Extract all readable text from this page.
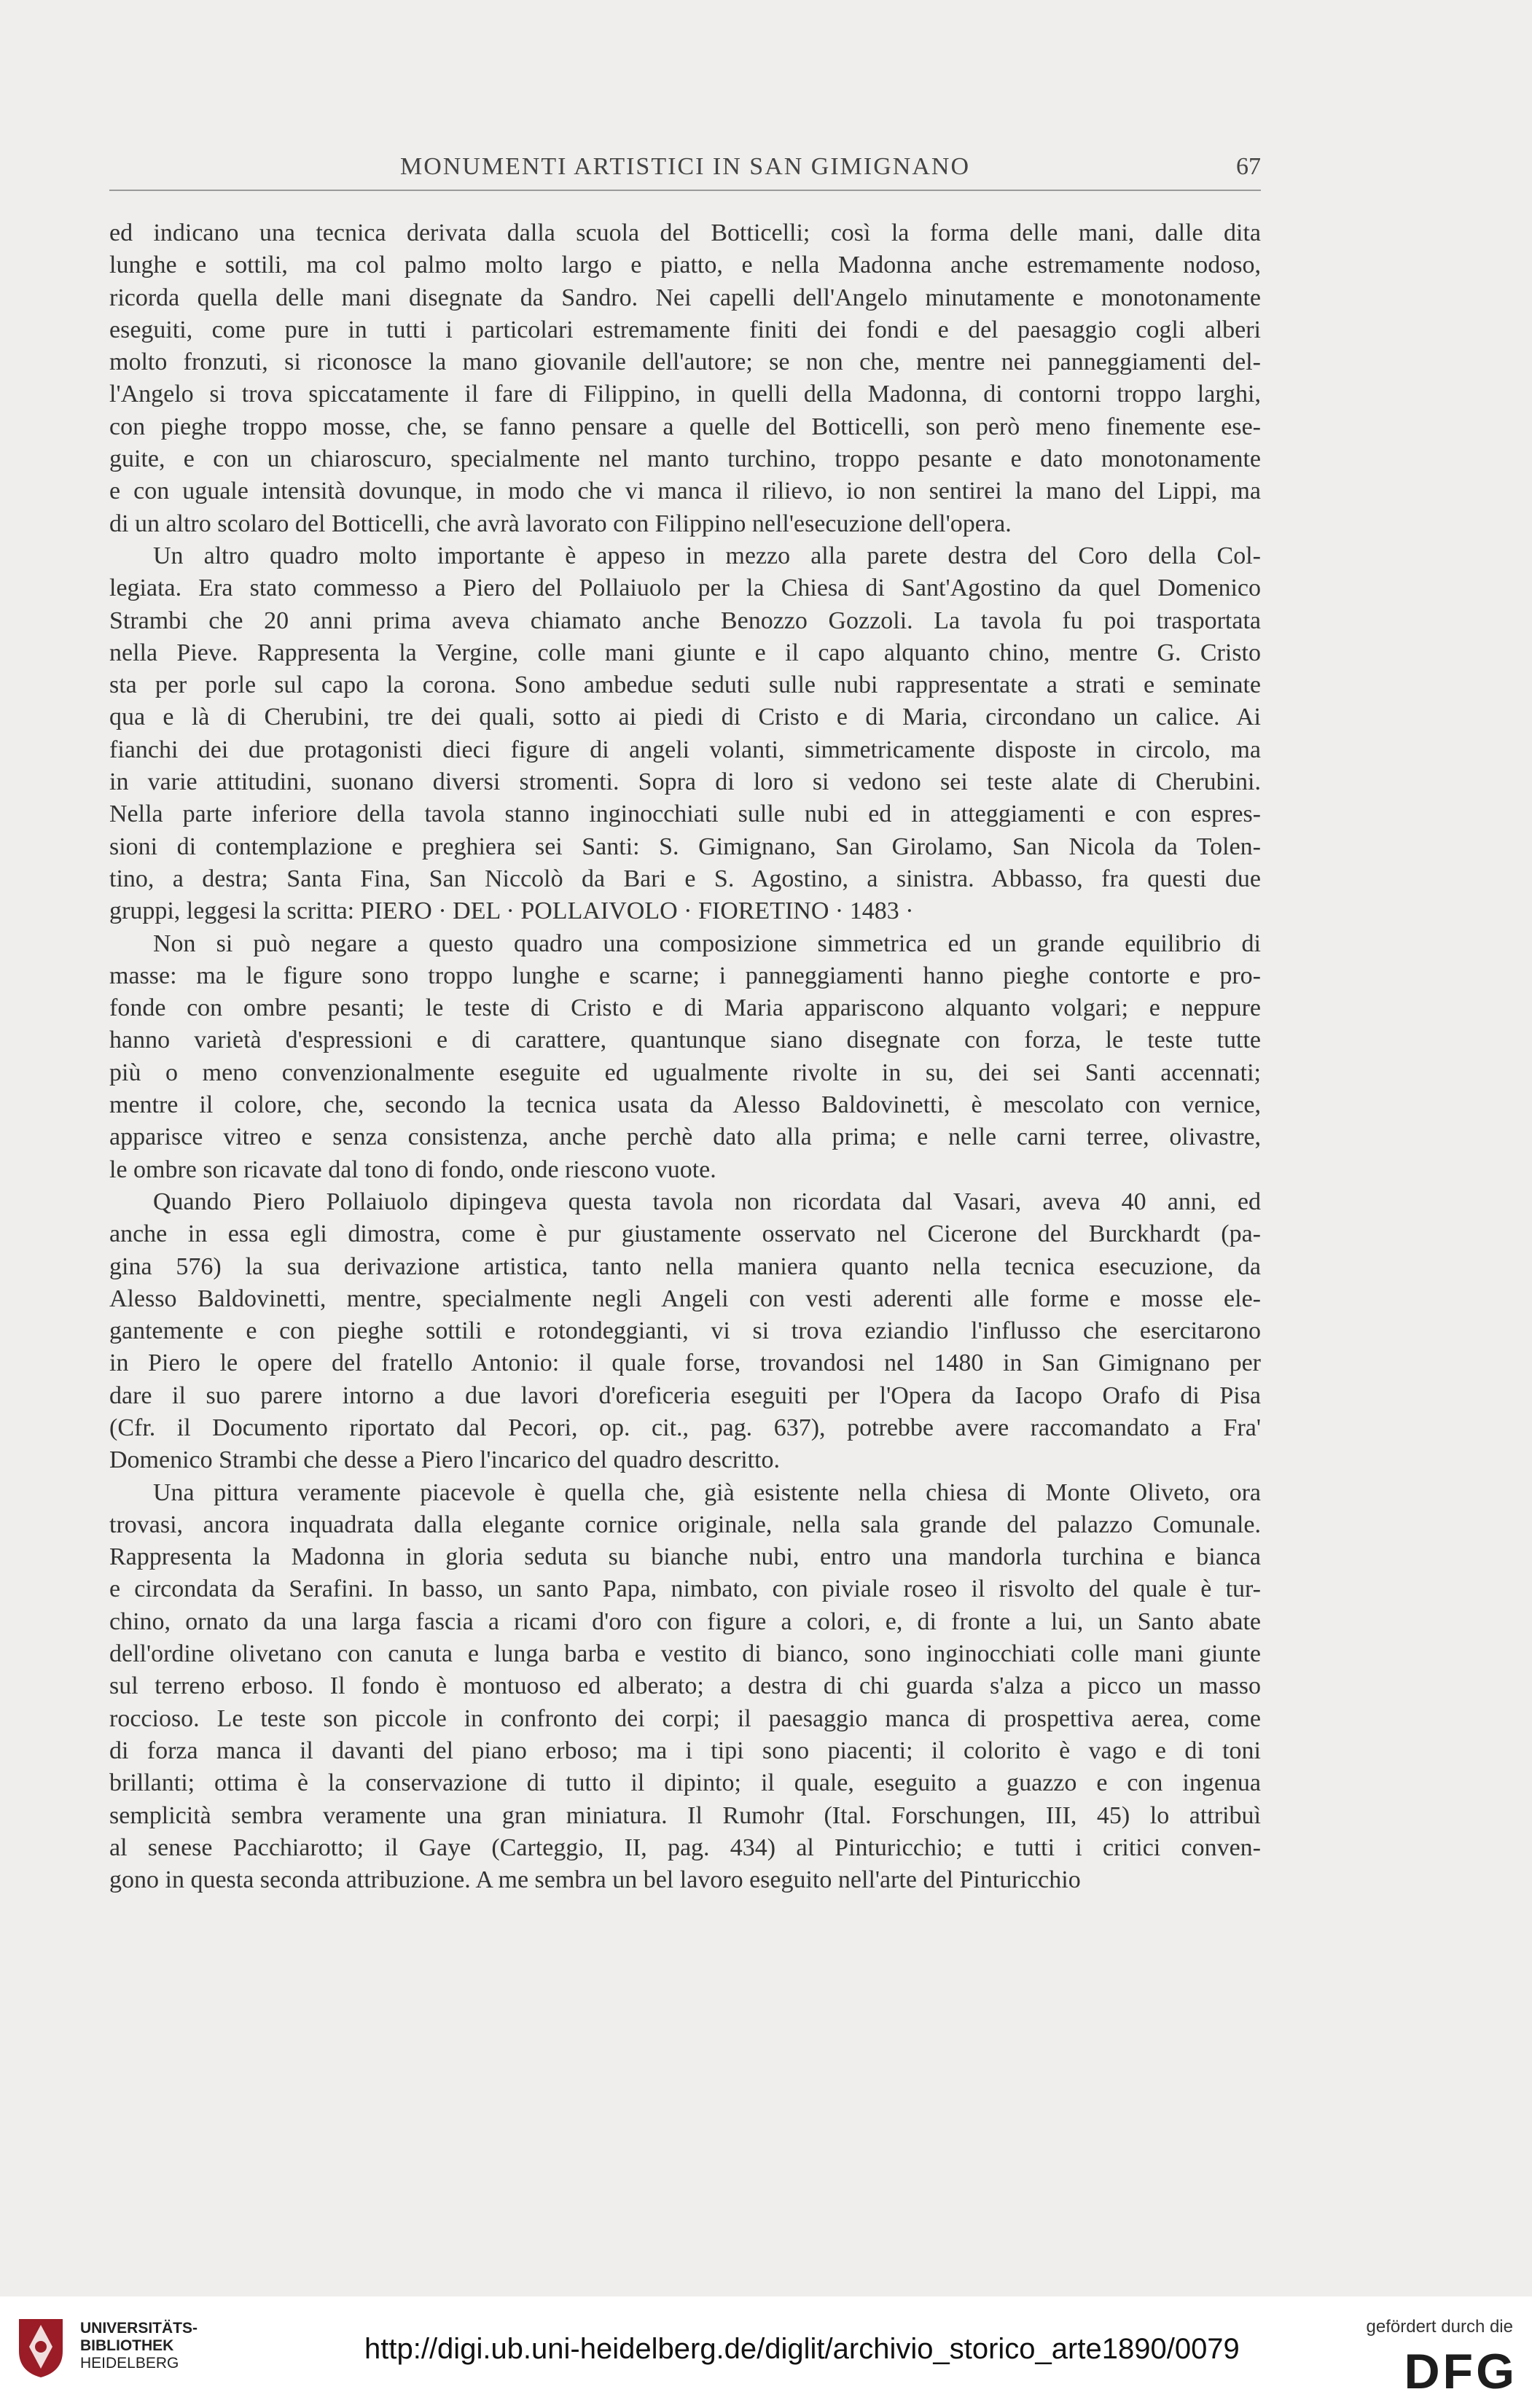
MONUMENTI ARTISTICI IN SAN GIMIGNANO	67
ed indicano una tecnica derivata dalla scuola del Botticelli; così la forma delle mani, dalle dita
lunghe e sottili, ma col palmo molto largo e piatto, e nella Madonna anche estremamente nodoso,
ricorda quella delle mani disegnate da Sandro. Nei capelli dell'Angelo minutamente e monotonamente
eseguiti, come pure in tutti i particolari estremamente finiti dei fondi e del paesaggio cogli alberi
molto fronzuti, si riconosce la mano giovanile dell'autore; se non che, mentre nei panneggiamenti del-
l'Angelo si trova spiccatamente il fare di Filippino, in quelli della Madonna, di contorni troppo larghi,
con pieghe troppo mosse, che, se fanno pensare a quelle del Botticelli, son però meno finemente ese-
guite, e con un chiaroscuro, specialmente nel manto turchino, troppo pesante e dato monotonamente
e con uguale intensità dovunque, in modo che vi manca il rilievo, io non sentirei la mano del Lippi, ma
di un altro scolaro del Botticelli, che avrà lavorato con Filippino nell'esecuzione dell'opera.
Un altro quadro molto importante è appeso in mezzo alla parete destra del Coro della Col-
legiata. Era stato commesso a Piero del Pollaiuolo per la Chiesa di Sant'Agostino da quel Domenico
Strambi che 20 anni prima aveva chiamato anche Benozzo Gozzoli. La tavola fu poi trasportata
nella Pieve. Rappresenta la Vergine, colle mani giunte e il capo alquanto chino, mentre G. Cristo
sta per porle sul capo la corona. Sono ambedue seduti sulle nubi rappresentate a strati e seminate
qua e là di Cherubini, tre dei quali, sotto ai piedi di Cristo e di Maria, circondano un calice. Ai
fianchi dei due protagonisti dieci figure di angeli volanti, simmetricamente disposte in circolo, ma
in varie attitudini, suonano diversi stromenti. Sopra di loro si vedono sei teste alate di Cherubini.
Nella parte inferiore della tavola stanno inginocchiati sulle nubi ed in atteggiamenti e con espres-
sioni di contemplazione e preghiera sei Santi: S. Gimignano, San Girolamo, San Nicola da Tolen-
tino, a destra; Santa Fina, San Niccolò da Bari e S. Agostino, a sinistra. Abbasso, fra questi due
gruppi, leggesi la scritta: PIERO · DEL · POLLAIVOLO · FIORETINO · 1483 ·
Non si può negare a questo quadro una composizione simmetrica ed un grande equilibrio di
masse: ma le figure sono troppo lunghe e scarne; i panneggiamenti hanno pieghe contorte e pro-
fonde con ombre pesanti; le teste di Cristo e di Maria appariscono alquanto volgari; e neppure
hanno varietà d'espressioni e di carattere, quantunque siano disegnate con forza, le teste tutte
più o meno convenzionalmente eseguite ed ugualmente rivolte in su, dei sei Santi accennati;
mentre il colore, che, secondo la tecnica usata da Alesso Baldovinetti, è mescolato con vernice,
apparisce vitreo e senza consistenza, anche perchè dato alla prima; e nelle carni terree, olivastre,
le ombre son ricavate dal tono di fondo, onde riescono vuote.
Quando Piero Pollaiuolo dipingeva questa tavola non ricordata dal Vasari, aveva 40 anni, ed
anche in essa egli dimostra, come è pur giustamente osservato nel Cicerone del Burckhardt (pa-
gina 576) la sua derivazione artistica, tanto nella maniera quanto nella tecnica esecuzione, da
Alesso Baldovinetti, mentre, specialmente negli Angeli con vesti aderenti alle forme e mosse ele-
gantemente e con pieghe sottili e rotondeggianti, vi si trova eziandio l'influsso che esercitarono
in Piero le opere del fratello Antonio: il quale forse, trovandosi nel 1480 in San Gimignano per
dare il suo parere intorno a due lavori d'oreficeria eseguiti per l'Opera da Iacopo Orafo di Pisa
(Cfr. il Documento riportato dal Pecori, op. cit., pag. 637), potrebbe avere raccomandato a Fra'
Domenico Strambi che desse a Piero l'incarico del quadro descritto.
Una pittura veramente piacevole è quella che, già esistente nella chiesa di Monte Oliveto, ora
trovasi, ancora inquadrata dalla elegante cornice originale, nella sala grande del palazzo Comunale.
Rappresenta la Madonna in gloria seduta su bianche nubi, entro una mandorla turchina e bianca
e circondata da Serafini. In basso, un santo Papa, nimbato, con piviale roseo il risvolto del quale è tur-
chino, ornato da una larga fascia a ricami d'oro con figure a colori, e, di fronte a lui, un Santo abate
dell'ordine olivetano con canuta e lunga barba e vestito di bianco, sono inginocchiati colle mani giunte
sul terreno erboso. Il fondo è montuoso ed alberato; a destra di chi guarda s'alza a picco un masso
roccioso. Le teste son piccole in confronto dei corpi; il paesaggio manca di prospettiva aerea, come
di forza manca il davanti del piano erboso; ma i tipi sono piacenti; il colorito è vago e di toni
brillanti; ottima è la conservazione di tutto il dipinto; il quale, eseguito a guazzo e con ingenua
semplicità sembra veramente una gran miniatura. Il Rumohr (Ital. Forschungen, III, 45) lo attribuì
al senese Pacchiarotto; il Gaye (Carteggio, II, pag. 434) al Pinturicchio; e tutti i critici conven-
gono in questa seconda attribuzione. A me sembra un bel lavoro eseguito nell'arte del Pinturicchio
UNIVERSITÄTS-
BIBLIOTHEK
HEIDELBERG	http://digi.ub.uni-heidelberg.de/diglit/archivio_storico_arte1890/0079
gefördert durch die
DFG
